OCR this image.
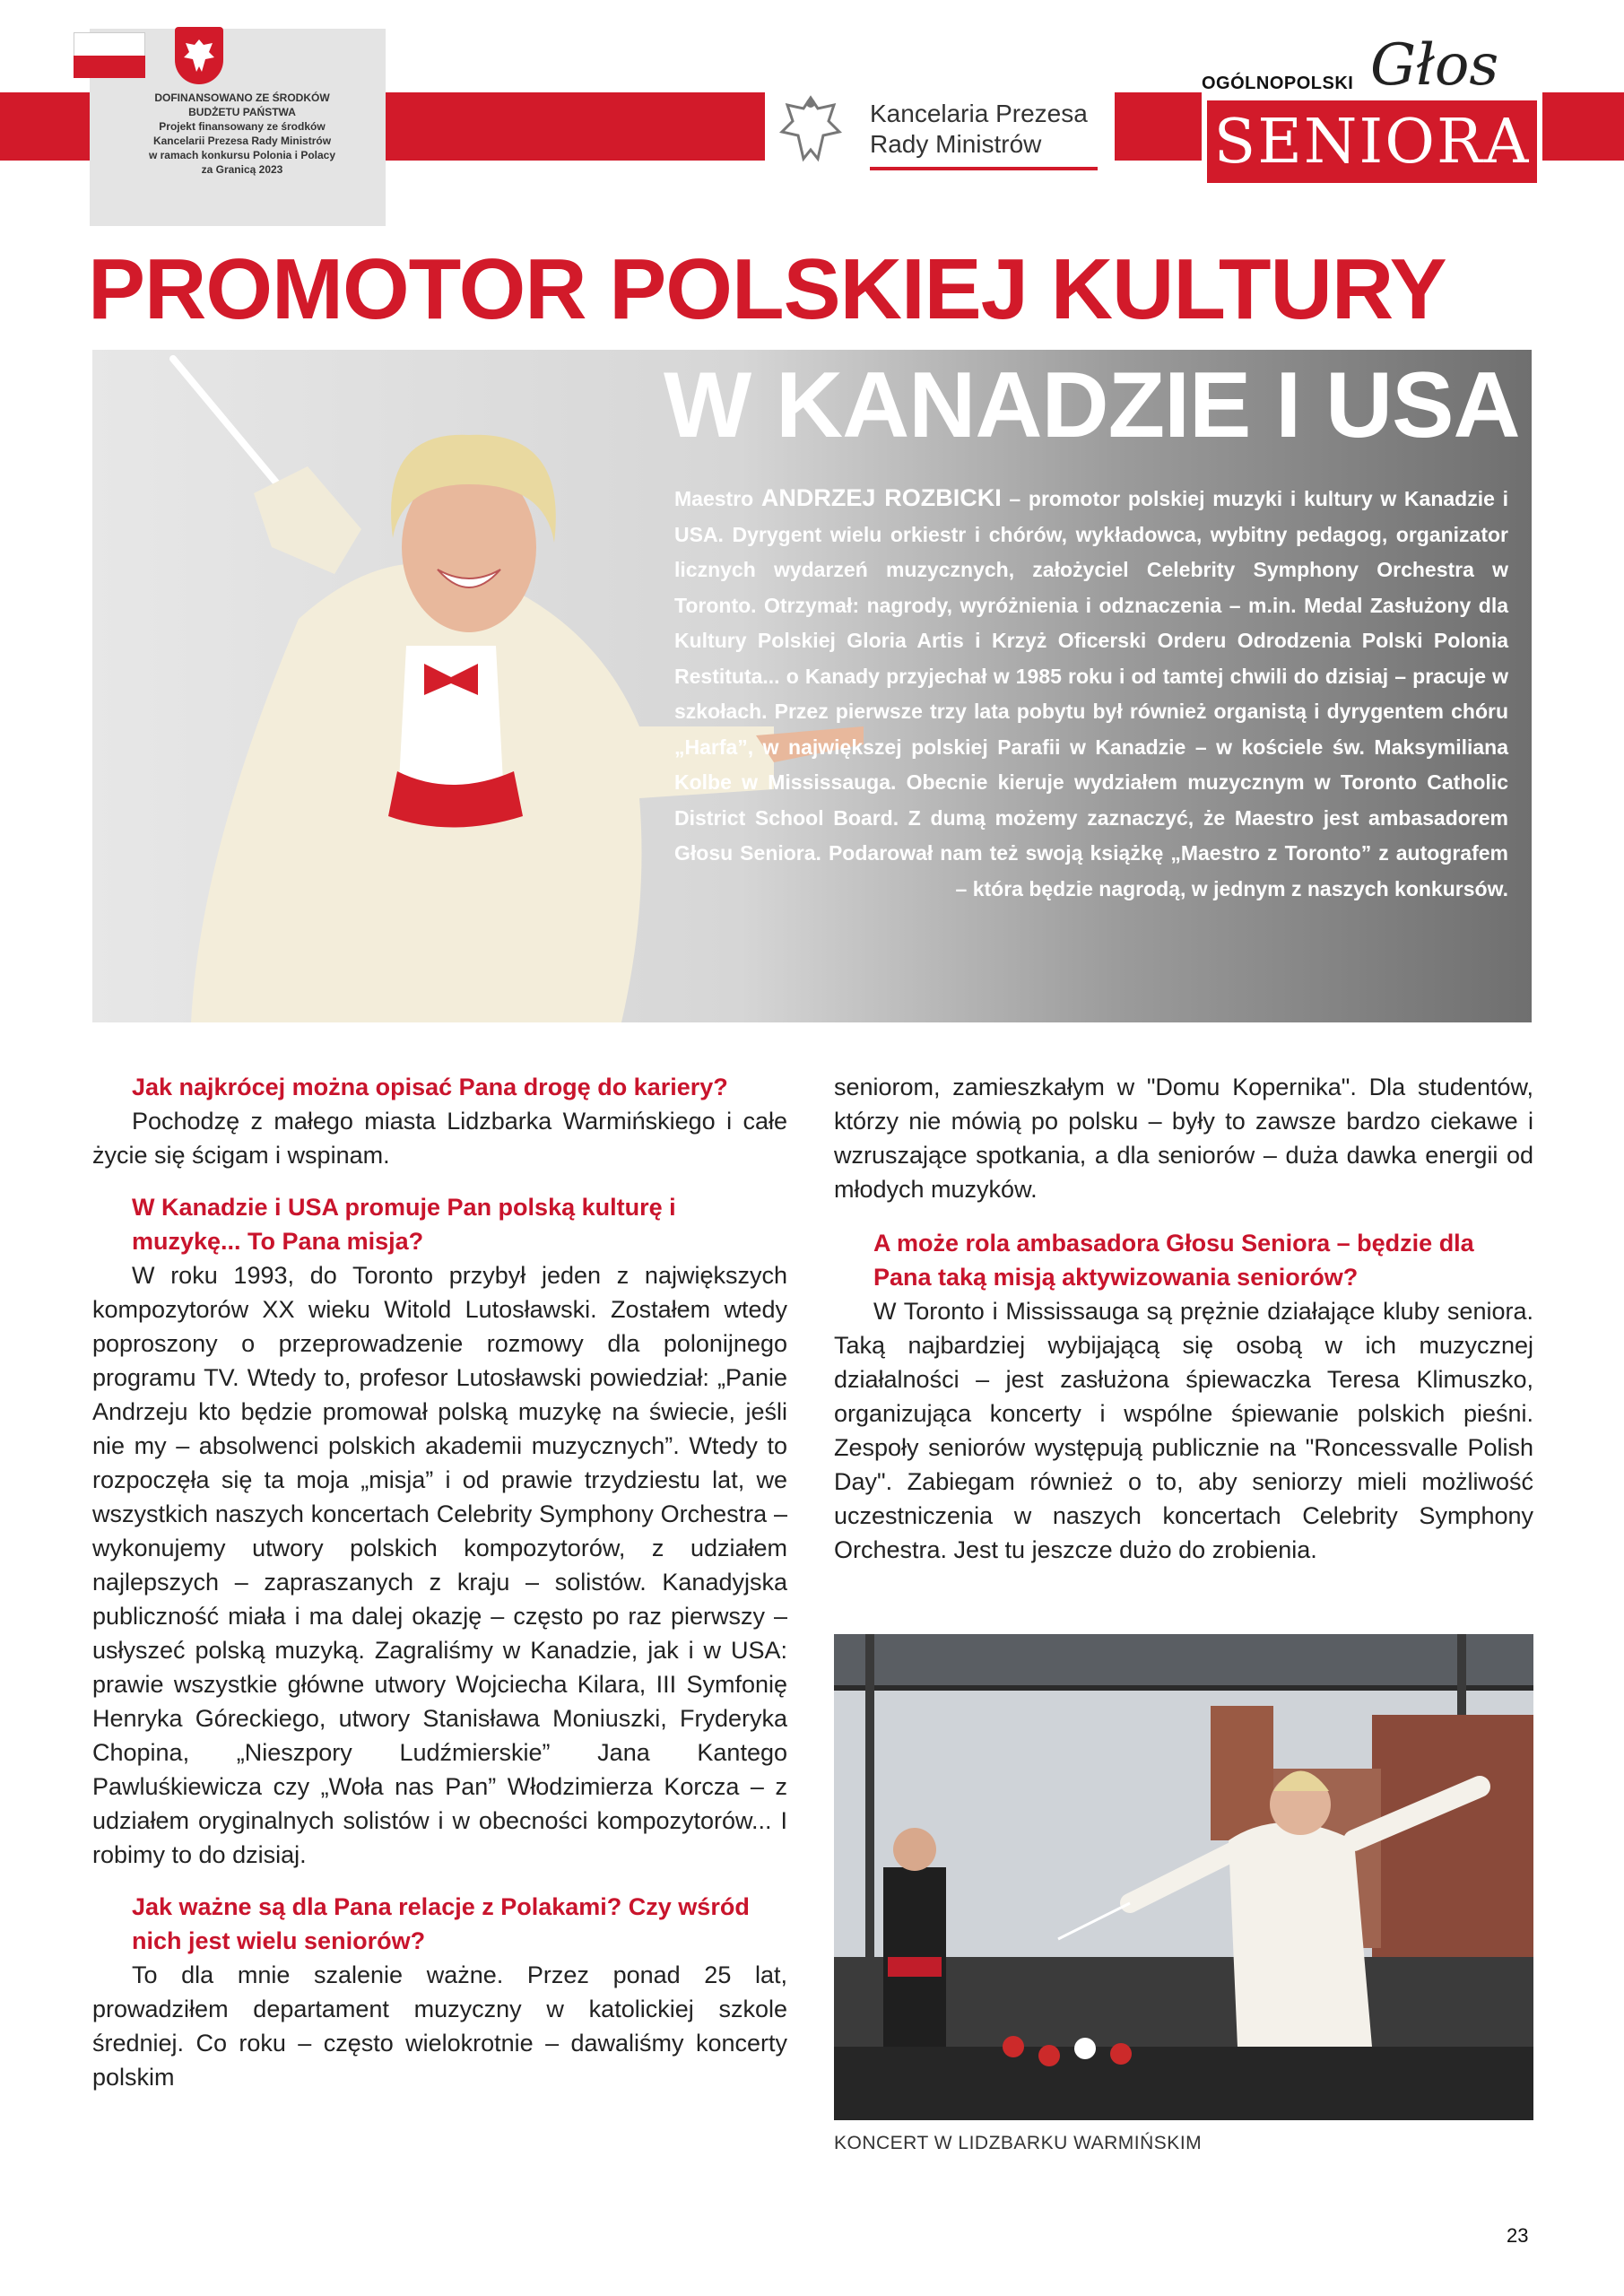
DOFINANSOWANO ZE ŚRODKÓW
BUDŻETU PAŃSTWA
Projekt finansowany ze środków
Kancelarii Prezesa Rady Ministrów
w ramach konkursu Polonia i Polacy
za Granicą 2023
Kancelaria Prezesa
Rady Ministrów
OGÓLNOPOLSKI Głos
SENIORA
PROMOTOR POLSKIEJ KULTURY
W KANADZIE I USA
Maestro ANDRZEJ ROZBICKI – promotor polskiej muzyki i kultury w Kanadzie i USA. Dyrygent wielu orkiestr i chórów, wykładowca, wybitny pedagog, organizator licznych wydarzeń muzycznych, założyciel Celebrity Symphony Orchestra w Toronto. Otrzymał: nagrody, wyróżnienia i odznaczenia – m.in. Medal Zasłużony dla Kultury Polskiej Gloria Artis i Krzyż Oficerski Orderu Odrodzenia Polski Polonia Restituta... o Kanady przyjechał w 1985 roku i od tamtej chwili do dzisiaj – pracuje w szkołach. Przez pierwsze trzy lata pobytu był również organistą i dyrygentem chóru „Harfa”, w największej polskiej Parafii w Kanadzie – w kościele św. Maksymiliana Kolbe w Mississauga. Obecnie kieruje wydziałem muzycznym w Toronto Catholic District School Board. Z dumą możemy zaznaczyć, że Maestro jest ambasadorem Głosu Seniora. Podarował nam też swoją książkę „Maestro z Toronto” z autografem – która będzie nagrodą, w jednym z naszych konkursów.

Jak najkrócej można opisać Pana drogę do kariery?

Pochodzę z małego miasta Lidzbarka Warmińskiego i całe życie się ścigam i wspinam.

W Kanadzie i USA promuje Pan polską kulturę i muzykę... To Pana misja?

W roku 1993, do Toronto przybył jeden z największych kompozytorów XX wieku Witold Lutosławski. Zostałem wtedy poproszony o przeprowadzenie rozmowy dla polonijnego programu TV. Wtedy to, profesor Lutosławski powiedział: „Panie Andrzeju kto będzie promował polską muzykę na świecie, jeśli nie my – absolwenci polskich akademii muzycznych”. Wtedy to rozpoczęła się ta moja „misja” i od prawie trzydziestu lat, we wszystkich naszych koncertach Celebrity Symphony Orchestra – wykonujemy utwory polskich kompozytorów, z udziałem najlepszych – zapraszanych z kraju – solistów. Kanadyjska publiczność miała i ma dalej okazję – często po raz pierwszy – usłyszeć polską muzyką. Zagraliśmy w Kanadzie, jak i w USA: prawie wszystkie główne utwory Wojciecha Kilara, III Symfonię Henryka Góreckiego, utwory Stanisława Moniuszki, Fryderyka Chopina, „Nieszpory Ludźmierskie” Jana Kantego Pawluśkiewicza czy „Woła nas Pan” Włodzimierza Korcza – z udziałem oryginalnych solistów i w obecności kompozytorów... I robimy to do dzisiaj.

Jak ważne są dla Pana relacje z Polakami? Czy wśród nich jest wielu seniorów?

To dla mnie szalenie ważne. Przez ponad 25 lat, prowadziłem departament muzyczny w katolickiej szkole średniej. Co roku – często wielokrotnie – dawaliśmy koncerty polskim

seniorom, zamieszkałym w "Domu Kopernika". Dla studentów, którzy nie mówią po polsku – były to zawsze bardzo ciekawe i wzruszające spotkania, a dla seniorów – duża dawka energii od młodych muzyków.

A może rola ambasadora Głosu Seniora – będzie dla Pana taką misją aktywizowania seniorów?

W Toronto i Mississauga są prężnie działające kluby seniora. Taką najbardziej wybijającą się osobą w ich muzycznej działalności – jest zasłużona śpiewaczka Teresa Klimuszko, organizująca koncerty i wspólne śpiewanie polskich pieśni. Zespoły seniorów występują publicznie na "Roncessvalle Polish Day". Zabiegam również o to, aby seniorzy mieli możliwość uczestniczenia w naszych koncertach Celebrity Symphony Orchestra. Jest tu jeszcze dużo do zrobienia.

KONCERT W LIDZBARKU WARMIŃSKIM
23
